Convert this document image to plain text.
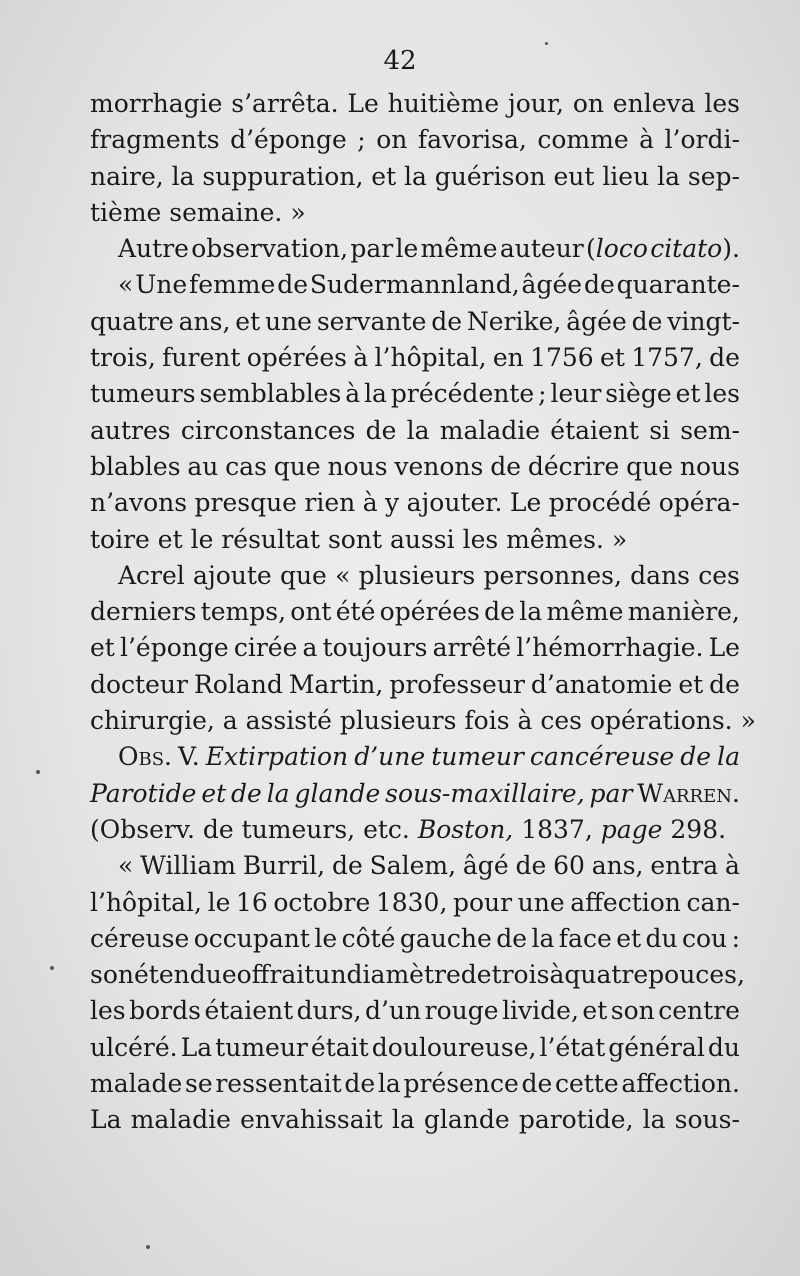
42
morrhagie s’arrêta. Le huitième jour, on enleva les
fragments d’éponge ; on favorisa, comme à l’ordi-
naire, la suppuration, et la guérison eut lieu la sep-
tième
semaine.
»
Autre observation, par le même auteur (loco citato).
« Une femme de Sudermannland, âgée de quarante-
quatre ans, et une servante de Nerike, âgée de vingt-
trois, furent opérées à l’hôpital, en 1756 et 1757, de
tumeurs semblables à la précédente ; leur siège et les
autres circonstances de la maladie étaient si sem-
blables au cas que nous venons de décrire que nous
n’avons presque rien à y ajouter. Le procédé opéra-
toire
et
le
résultat
sont
aussi
les
mêmes.
»
Acrel ajoute que « plusieurs personnes, dans ces
derniers temps, ont été opérées de la même manière,
et l’éponge cirée a toujours arrêté l’hémorrhagie. Le
docteur Roland Martin, professeur d’anatomie et de
chirurgie,
a
assisté
plusieurs
fois
à
ces
opérations.
»
Obs. V. Extirpation d’une tumeur cancéreuse de la
Parotide et de la glande sous-maxillaire, par Warren.
(Observ.
de
tumeurs,
etc.
Boston,
1837,
page
298.
« William Burril, de Salem, âgé de 60 ans, entra à
l’hôpital, le 16 octobre 1830, pour une affection can-
céreuse occupant le côté gauche de la face et du cou :
son étendue offrait un diamètre de trois à quatre pouces,
les bords étaient durs, d’un rouge livide, et son centre
ulcéré. La tumeur était douloureuse, l’état général du
malade se ressentait de la présence de cette affection.
La maladie envahissait la glande parotide, la sous-
